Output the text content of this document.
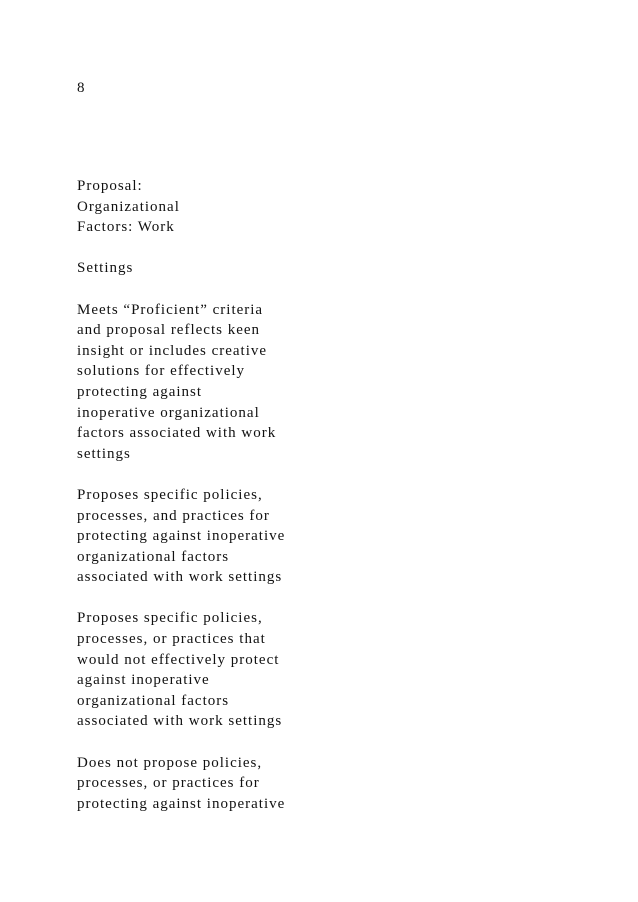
8
Proposal:
Organizational
Factors: Work
Settings
Meets “Proficient” criteria
and proposal reflects keen
insight or includes creative
solutions for effectively
protecting against
inoperative organizational
factors associated with work
settings
Proposes specific policies,
processes, and practices for
protecting against inoperative
organizational factors
associated with work settings
Proposes specific policies,
processes, or practices that
would not effectively protect
against inoperative
organizational factors
associated with work settings
Does not propose policies,
processes, or practices for
protecting against inoperative
